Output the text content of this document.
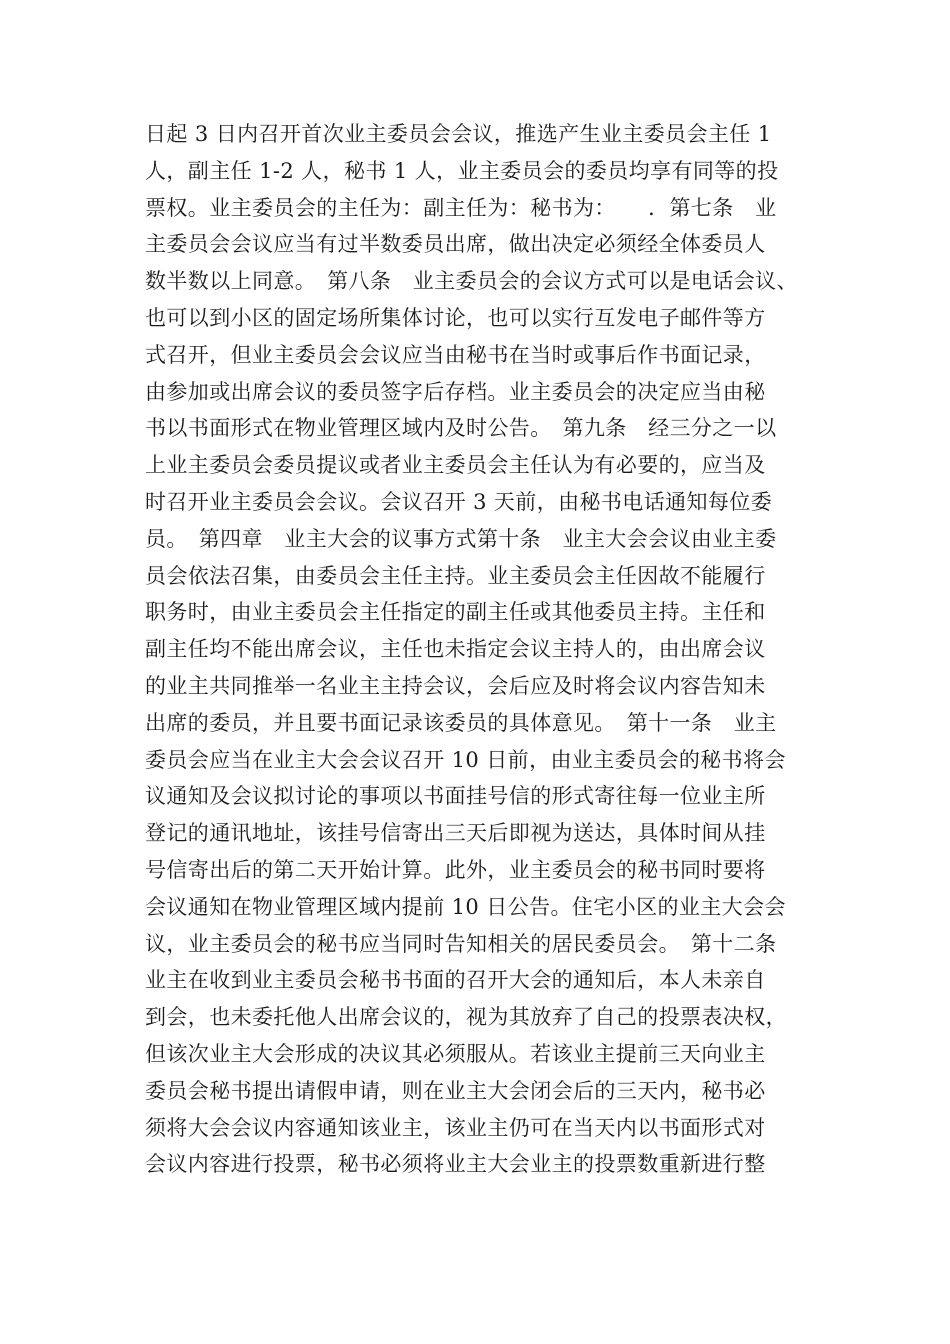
日起 3 日内召开首次业主委员会会议，推选产生业主委员会主任 1
人，副主任 1-2 人，秘书 1 人，业主委员会的委员均享有同等的投
票权。业主委员会的主任为：副主任为：秘书为：　　．第七条　业
主委员会会议应当有过半数委员出席，做出决定必须经全体委员人
数半数以上同意。　第八条　业主委员会的会议方式可以是电话会议、
也可以到小区的固定场所集体讨论，也可以实行互发电子邮件等方
式召开，但业主委员会会议应当由秘书在当时或事后作书面记录，
由参加或出席会议的委员签字后存档。业主委员会的决定应当由秘
书以书面形式在物业管理区域内及时公告。　第九条　经三分之一以
上业主委员会委员提议或者业主委员会主任认为有必要的，应当及
时召开业主委员会会议。会议召开 3 天前，由秘书电话通知每位委
员。　第四章　业主大会的议事方式第十条　业主大会会议由业主委
员会依法召集，由委员会主任主持。业主委员会主任因故不能履行
职务时，由业主委员会主任指定的副主任或其他委员主持。主任和
副主任均不能出席会议，主任也未指定会议主持人的，由出席会议
的业主共同推举一名业主主持会议，会后应及时将会议内容告知未
出席的委员，并且要书面记录该委员的具体意见。　第十一条　业主
委员会应当在业主大会会议召开 10 日前，由业主委员会的秘书将会
议通知及会议拟讨论的事项以书面挂号信的形式寄往每一位业主所
登记的通讯地址，该挂号信寄出三天后即视为送达，具体时间从挂
号信寄出后的第二天开始计算。此外，业主委员会的秘书同时要将
会议通知在物业管理区域内提前 10 日公告。住宅小区的业主大会会
议，业主委员会的秘书应当同时告知相关的居民委员会。　第十二条
业主在收到业主委员会秘书书面的召开大会的通知后，本人未亲自
到会，也未委托他人出席会议的，视为其放弃了自己的投票表决权，
但该次业主大会形成的决议其必须服从。若该业主提前三天向业主
委员会秘书提出请假申请，则在业主大会闭会后的三天内，秘书必
须将大会会议内容通知该业主，该业主仍可在当天内以书面形式对
会议内容进行投票，秘书必须将业主大会业主的投票数重新进行整
